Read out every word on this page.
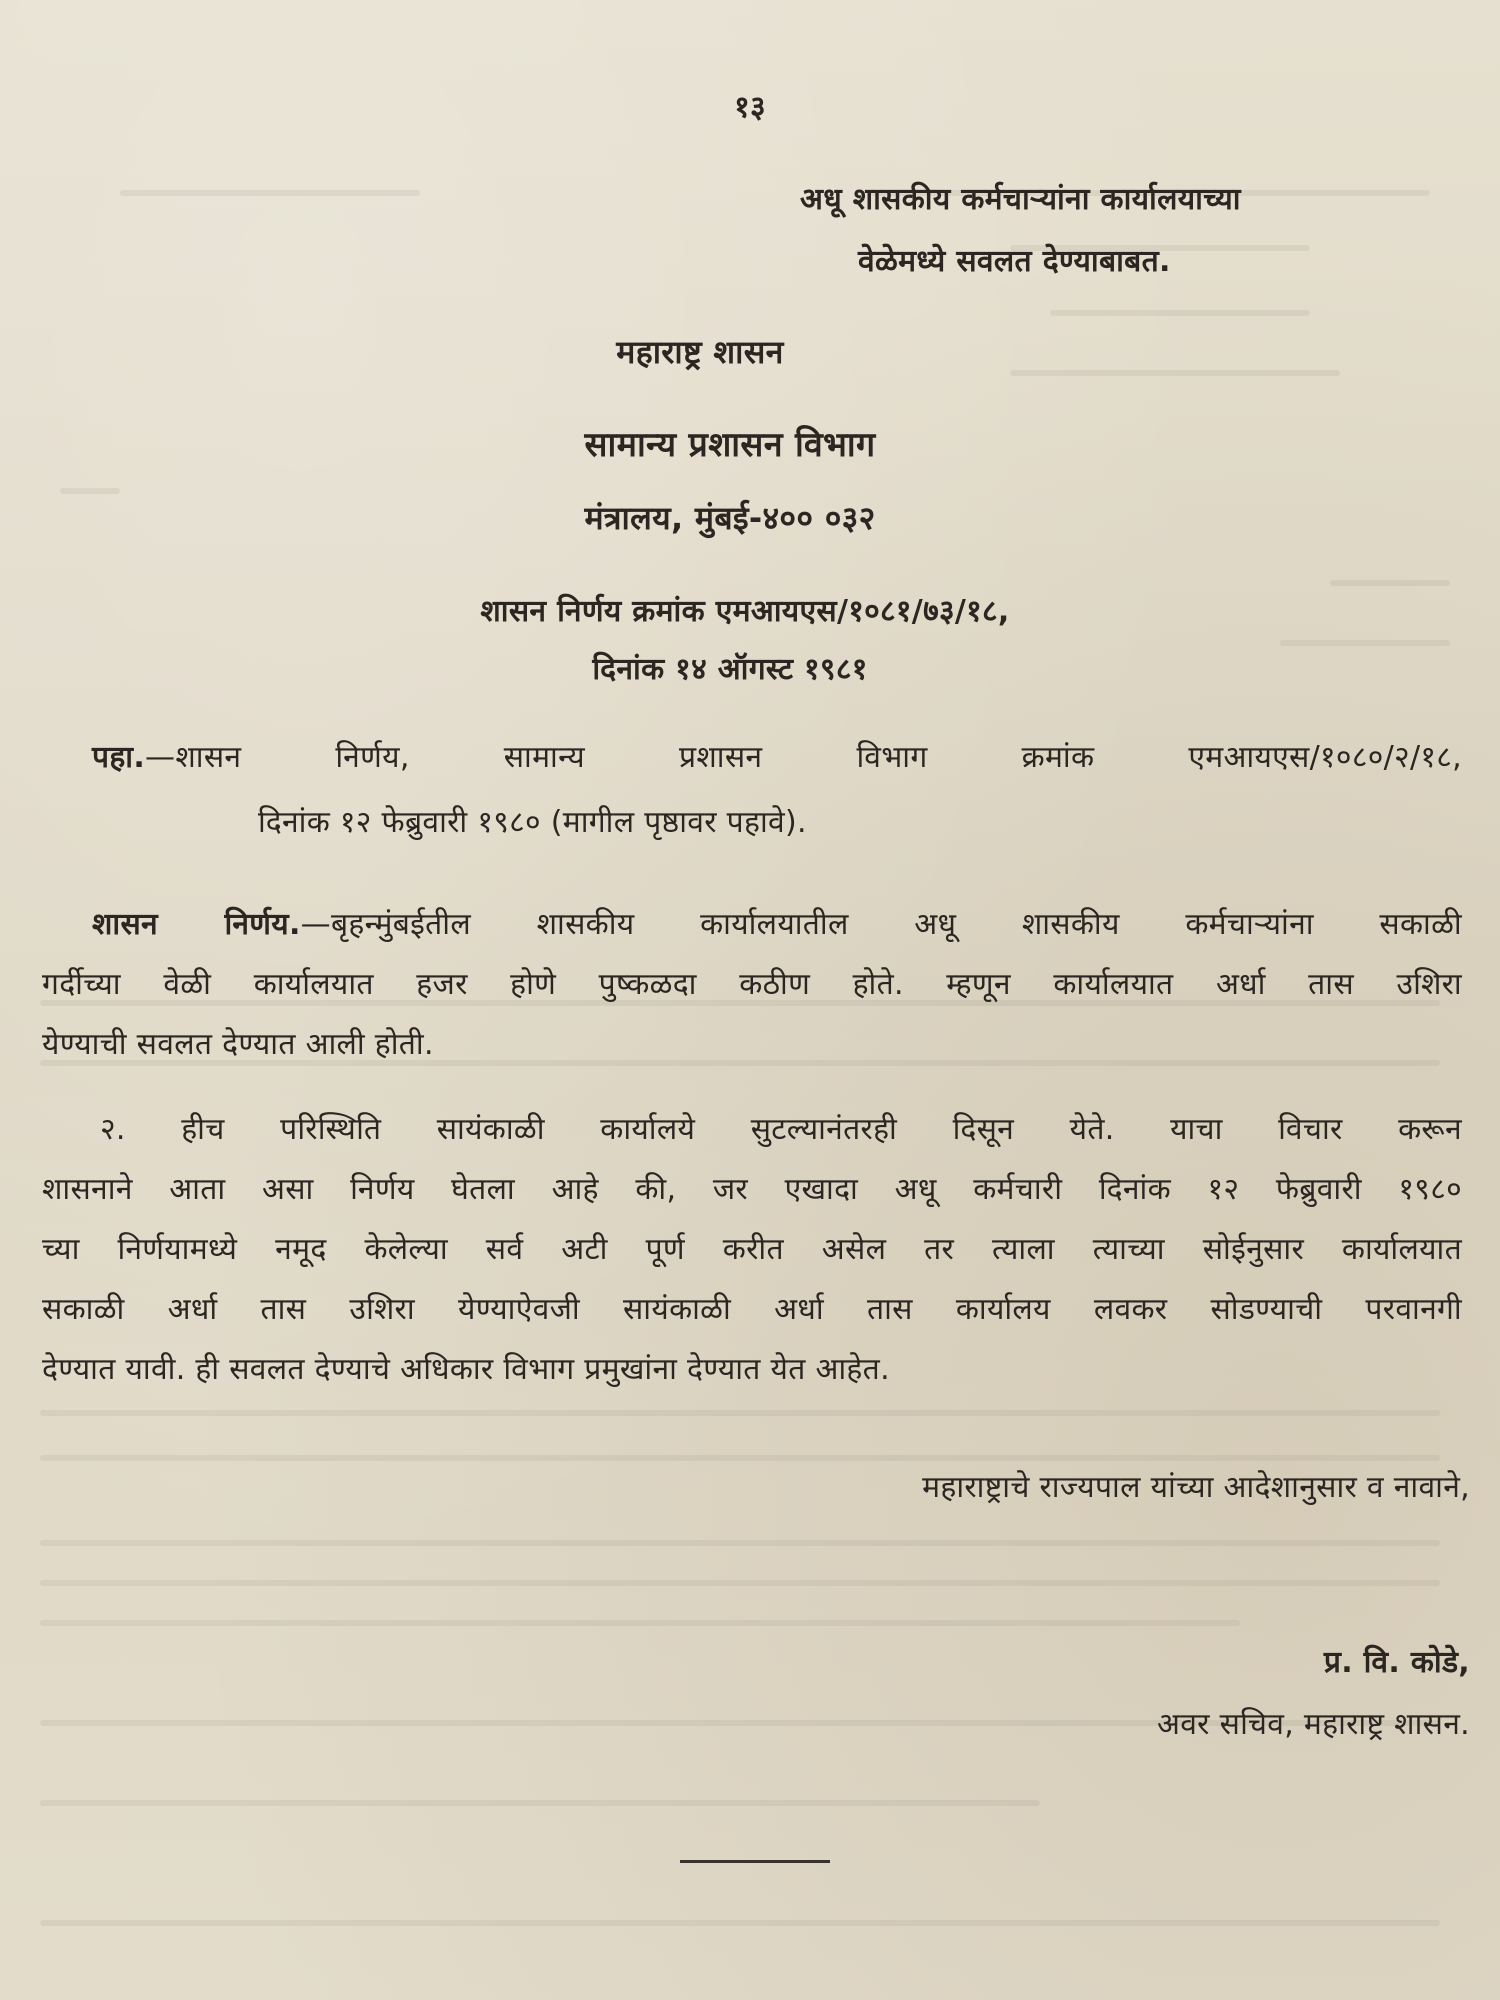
१३
अधू शासकीय कर्मचाऱ्यांना कार्यालयाच्या
वेळेमध्ये सवलत देण्याबाबत.
महाराष्ट्र शासन
सामान्य प्रशासन विभाग
मंत्रालय, मुंबई-४०० ०३२
शासन निर्णय क्रमांक एमआयएस/१०८१/७३/१८,
दिनांक १४ ऑगस्ट १९८१
पहा.—शासन निर्णय, सामान्य प्रशासन विभाग क्रमांक एमआयएस/१०८०/२/१८,
दिनांक १२ फेब्रुवारी १९८० (मागील पृष्ठावर पहावे).
शासन निर्णय.—बृहन्मुंबईतील शासकीय कार्यालयातील अधू शासकीय कर्मचाऱ्यांना सकाळी
गर्दीच्या वेळी कार्यालयात हजर होणे पुष्कळदा कठीण होते. म्हणून कार्यालयात अर्धा तास उशिरा
येण्याची सवलत देण्यात आली होती.
२. हीच परिस्थिति सायंकाळी कार्यालये सुटल्यानंतरही दिसून येते. याचा विचार करून
शासनाने आता असा निर्णय घेतला आहे की, जर एखादा अधू कर्मचारी दिनांक १२ फेब्रुवारी १९८०
च्या निर्णयामध्ये नमूद केलेल्या सर्व अटी पूर्ण करीत असेल तर त्याला त्याच्या सोईनुसार कार्यालयात
सकाळी अर्धा तास उशिरा येण्याऐवजी सायंकाळी अर्धा तास कार्यालय लवकर सोडण्याची परवानगी
देण्यात यावी. ही सवलत देण्याचे अधिकार विभाग प्रमुखांना देण्यात येत आहेत.
महाराष्ट्राचे राज्यपाल यांच्या आदेशानुसार व नावाने,
प्र. वि. कोडे,
अवर सचिव, महाराष्ट्र शासन.
